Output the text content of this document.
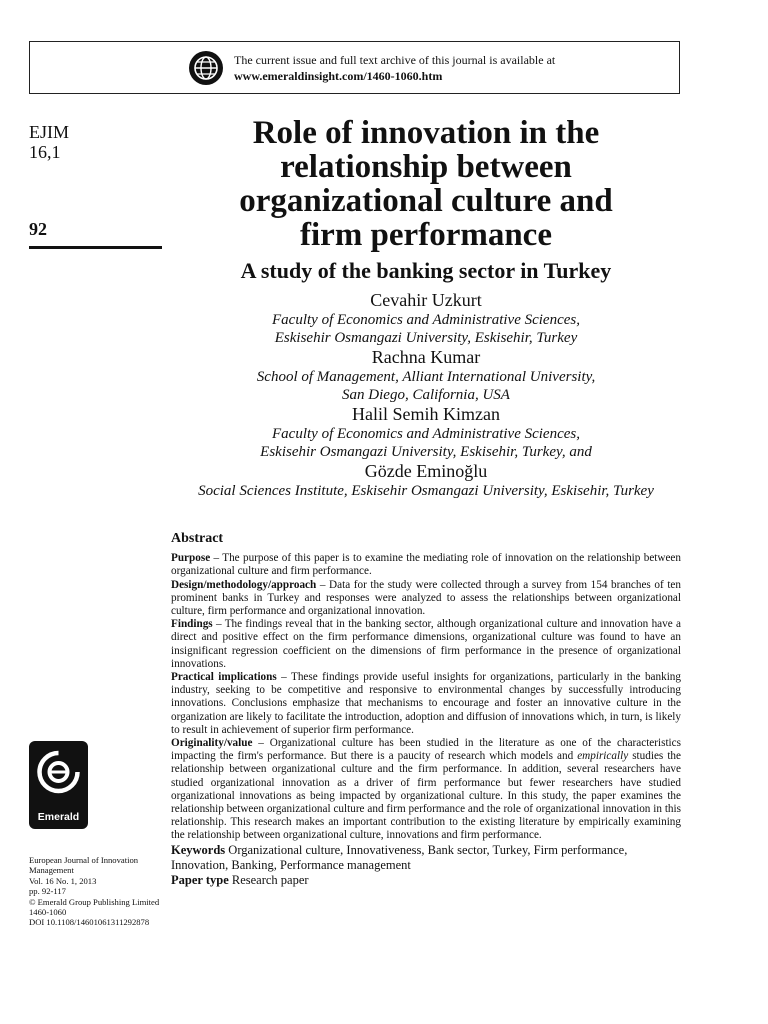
The current issue and full text archive of this journal is available at
www.emeraldinsight.com/1460-1060.htm
EJIM
16,1
92
Role of innovation in the
relationship between
organizational culture and
firm performance
A study of the banking sector in Turkey
Cevahir Uzkurt
Faculty of Economics and Administrative Sciences,
Eskisehir Osmangazi University, Eskisehir, Turkey
Rachna Kumar
School of Management, Alliant International University,
San Diego, California, USA
Halil Semih Kimzan
Faculty of Economics and Administrative Sciences,
Eskisehir Osmangazi University, Eskisehir, Turkey, and
Gözde Eminoğlu
Social Sciences Institute, Eskisehir Osmangazi University, Eskisehir, Turkey
Abstract

Purpose – The purpose of this paper is to examine the mediating role of innovation on the relationship between organizational culture and firm performance.

Design/methodology/approach – Data for the study were collected through a survey from 154 branches of ten prominent banks in Turkey and responses were analyzed to assess the relationships between organizational culture, firm performance and organizational innovation.

Findings – The findings reveal that in the banking sector, although organizational culture and innovation have a direct and positive effect on the firm performance dimensions, organizational culture was found to have an insignificant regression coefficient on the dimensions of firm performance in the presence of organizational innovations.

Practical implications – These findings provide useful insights for organizations, particularly in the banking industry, seeking to be competitive and responsive to environmental changes by successfully introducing innovations. Conclusions emphasize that mechanisms to encourage and foster an innovative culture in the organization are likely to facilitate the introduction, adoption and diffusion of innovations which, in turn, is likely to result in achievement of superior firm performance.

Originality/value – Organizational culture has been studied in the literature as one of the characteristics impacting the firm's performance. But there is a paucity of research which models and empirically studies the relationship between organizational culture and the firm performance. In addition, several researchers have studied organizational innovation as a driver of firm performance but fewer researchers have studied organizational innovations as being impacted by organizational culture. In this study, the paper examines the relationship between organizational culture and firm performance and the role of organizational innovation in this relationship. This research makes an important contribution to the existing literature by empirically examining the relationship between organizational culture, innovations and firm performance.

Keywords Organizational culture, Innovativeness, Bank sector, Turkey, Firm performance, Innovation, Banking, Performance management

Paper type Research paper

Emerald
European Journal of Innovation
Management
Vol. 16 No. 1, 2013
pp. 92-117
© Emerald Group Publishing Limited
1460-1060
DOI 10.1108/14601061311292878
